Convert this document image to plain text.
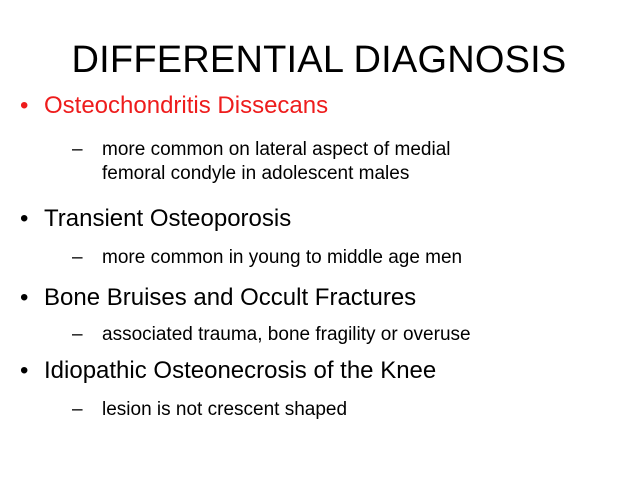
DIFFERENTIAL DIAGNOSIS
• Osteochondritis Dissecans
–	more common on lateral aspect of medial
femoral condyle in adolescent males
• Transient Osteoporosis
–	more common in young to middle age men
• Bone Bruises and Occult Fractures
–	associated trauma, bone fragility or overuse
• Idiopathic Osteonecrosis of the Knee
–	lesion is not crescent shaped
